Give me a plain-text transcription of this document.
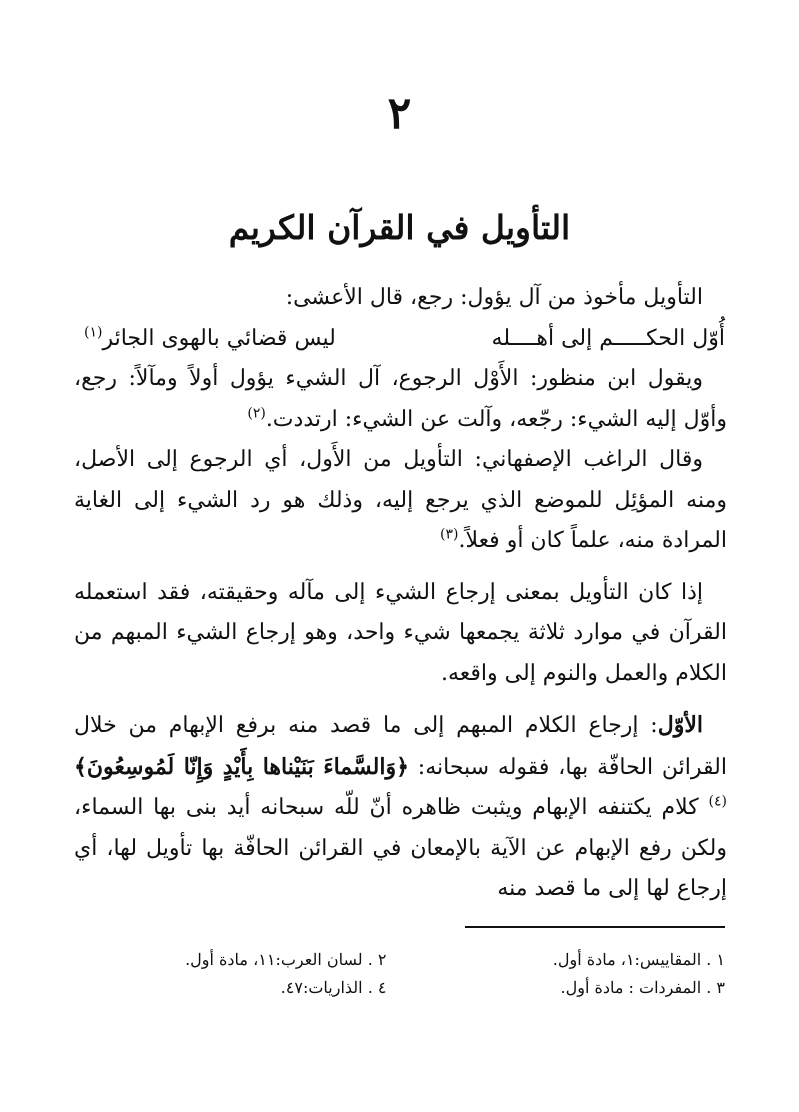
٢
التأويل في القرآن الكريم

التأويل مأخوذ من آل يؤول: رجع، قال الأعشى:

أُوّل الحكـــــم إلى أهــــله
ليس قضائي بالهوى الجائر$^{(١)}$

ويقول ابن منظور: الأَوْل الرجوع، آل الشيء يؤول أولاً ومآلاً: رجع، وأوّل إليه الشيء: رجّعه، وآلت عن الشيء: ارتددت.$^{(٢)}$

وقال الراغب الإصفهاني: التأويل من الأَول، أي الرجوع إلى الأصل، ومنه المؤئِل للموضع الذي يرجع إليه، وذلك هو رد الشيء إلى الغاية المرادة منه، علماً كان أو فعلاً.$^{(٣)}$

إذا كان التأويل بمعنى إرجاع الشيء إلى مآله وحقيقته، فقد استعمله القرآن في موارد ثلاثة يجمعها شيء واحد، وهو إرجاع الشيء المبهم من الكلام والعمل والنوم إلى واقعه.

الأوّل: إرجاع الكلام المبهم إلى ما قصد منه برفع الإبهام من خلال القرائن الحافّة بها، فقوله سبحانه: ﴿وَالسَّماءَ بَنَيْناها بِأَيْدٍ وَإِنّا لَمُوسِعُونَ﴾$^{(٤)}$ كلام يكتنفه الإبهام ويثبت ظاهره أنّ للّه سبحانه أيد بنى بها السماء، ولكن رفع الإبهام عن الآية بالإمعان في القرائن الحافّة بها تأويل لها، أي إرجاع لها إلى ما قصد منه

١ . المقاييس:١، مادة أول.
٢ . لسان العرب:١١، مادة أول.
٣ . المفردات : مادة أول.
٤ . الذاريات:٤٧.
